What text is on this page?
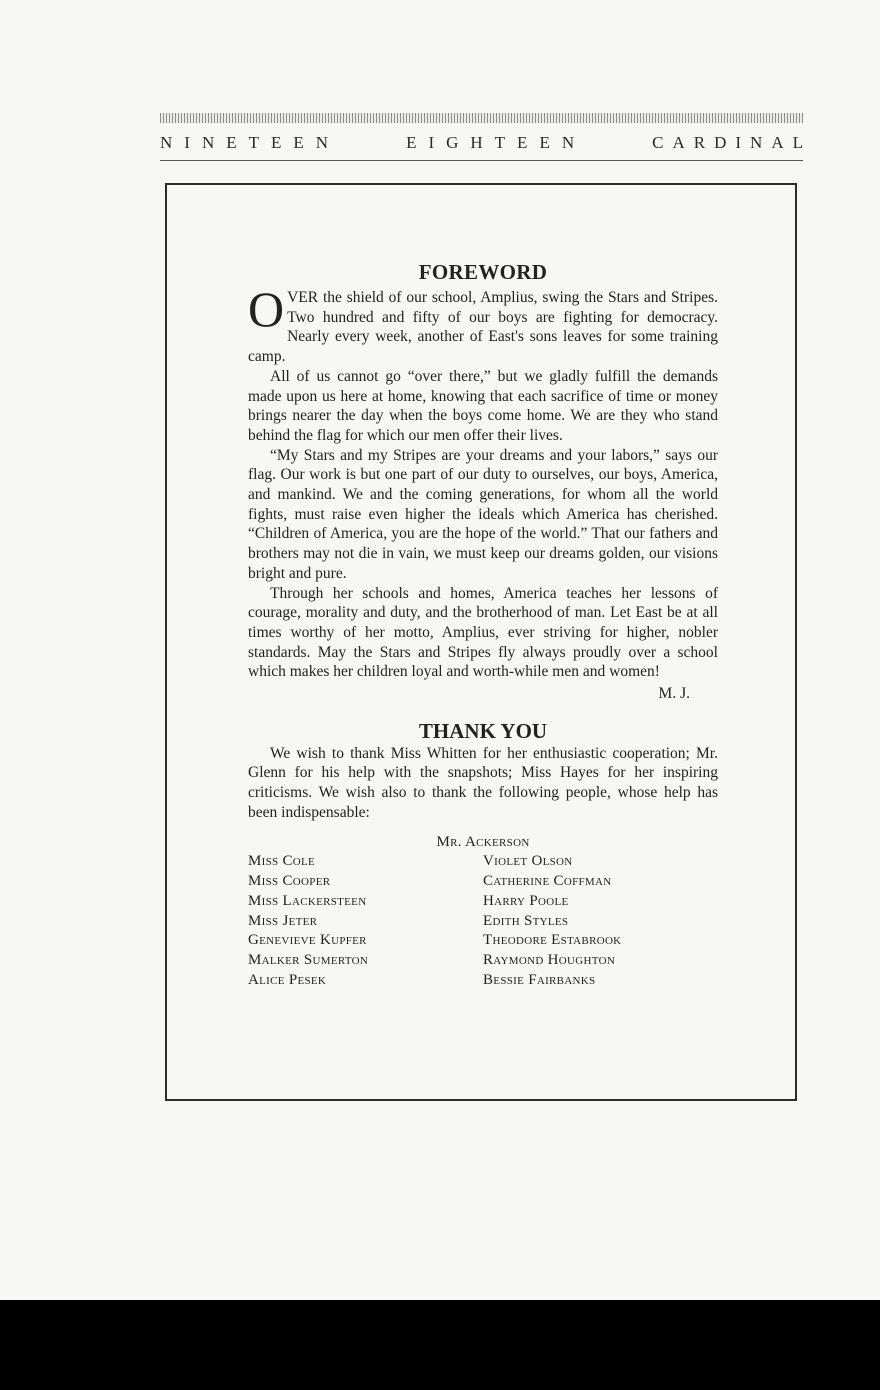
NINETEEN	EIGHTEEN	CARDINAL
FOREWORD

OVER the shield of our school, Amplius, swing the Stars and Stripes. Two hundred and fifty of our boys are fighting for democracy. Nearly every week, another of East's sons leaves for some training camp.

All of us cannot go “over there,” but we gladly fulfill the demands made upon us here at home, knowing that each sacrifice of time or money brings nearer the day when the boys come home. We are they who stand behind the flag for which our men offer their lives.

“My Stars and my Stripes are your dreams and your labors,” says our flag. Our work is but one part of our duty to ourselves, our boys, America, and mankind. We and the coming generations, for whom all the world fights, must raise even higher the ideals which America has cherished. “Children of America, you are the hope of the world.” That our fathers and brothers may not die in vain, we must keep our dreams golden, our visions bright and pure.

Through her schools and homes, America teaches her lessons of courage, morality and duty, and the brotherhood of man. Let East be at all times worthy of her motto, Amplius, ever striving for higher, nobler standards. May the Stars and Stripes fly always proudly over a school which makes her children loyal and worth-while men and women!

M. J.
THANK YOU

We wish to thank Miss Whitten for her enthusiastic cooperation; Mr. Glenn for his help with the snapshots; Miss Hayes for her inspiring criticisms. We wish also to thank the following people, whose help has been indispensable:

Mr. Ackerson
Miss Cole
Miss Cooper
Miss Lackersteen
Miss Jeter
Genevieve Kupfer
Malker Sumerton
Alice Pesek
Violet Olson
Catherine Coffman
Harry Poole
Edith Styles
Theodore Estabrook
Raymond Houghton
Bessie Fairbanks
